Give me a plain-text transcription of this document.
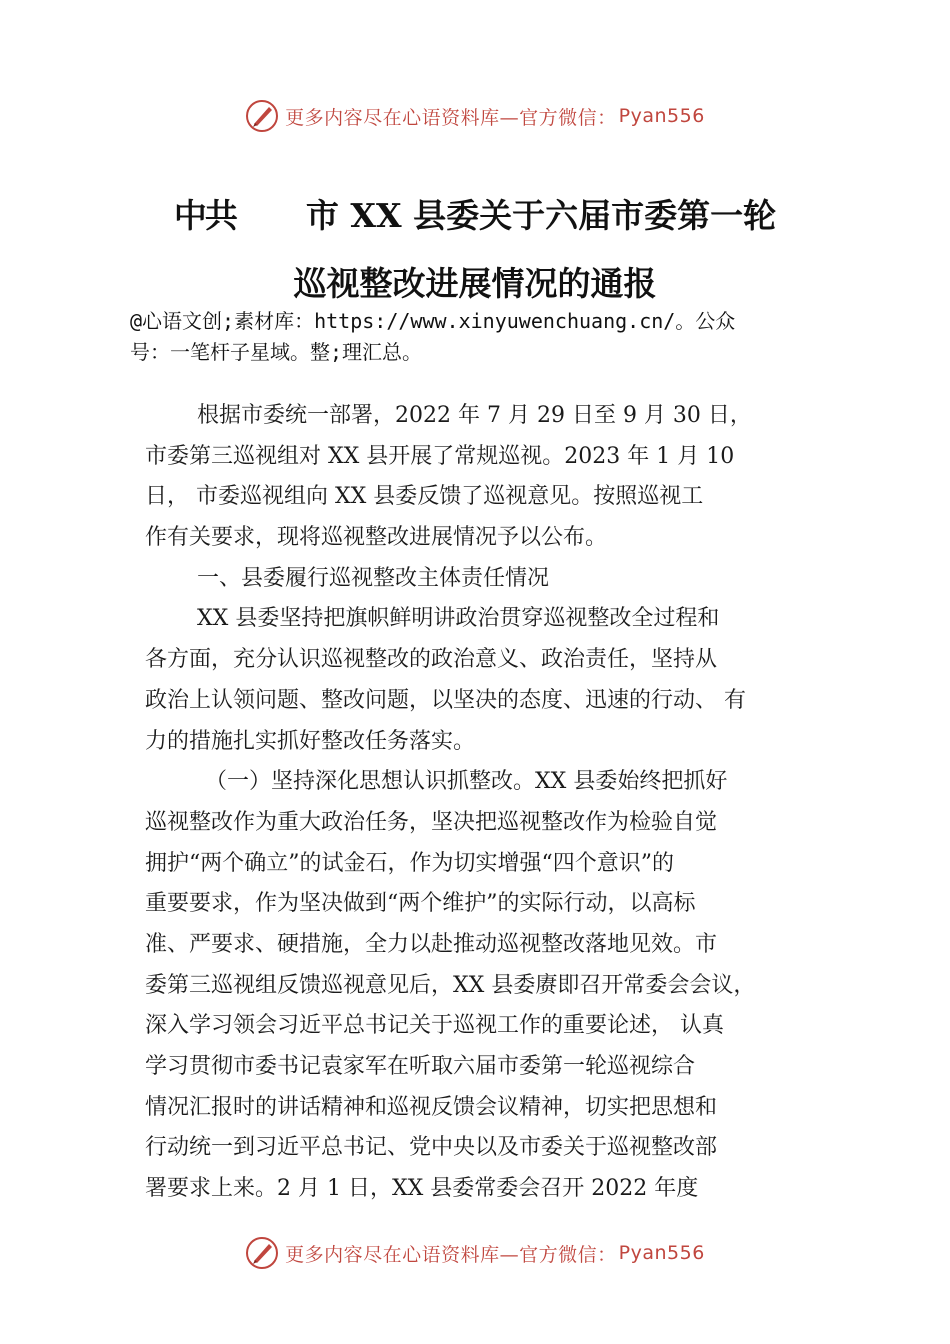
更多内容尽在心语资料库—官方微信： Pyan556
中共 市 XX 县委关于六届市委第一轮
巡视整改进展情况的通报
@心语文创;素材库：https://www.xinyuwenchuang.cn/。公众
号：一笔杆子星域。整;理汇总。
根据市委统一部署，2022 年 7 月 29 日至 9 月 30 日，
市委第三巡视组对 XX 县开展了常规巡视。2023 年 1 月 10
日， 市委巡视组向 XX 县委反馈了巡视意见。按照巡视工
作有关要求，现将巡视整改进展情况予以公布。
一、县委履行巡视整改主体责任情况
XX 县委坚持把旗帜鲜明讲政治贯穿巡视整改全过程和
各方面，充分认识巡视整改的政治意义、政治责任，坚持从
政治上认领问题、整改问题，以坚决的态度、迅速的行动、 有
力的措施扎实抓好整改任务落实。
（一）坚持深化思想认识抓整改。XX 县委始终把抓好
巡视整改作为重大政治任务，坚决把巡视整改作为检验自觉
拥护“两个确立”的试金石，作为切实增强“四个意识”的
重要要求，作为坚决做到“两个维护”的实际行动，以高标
准、严要求、硬措施，全力以赴推动巡视整改落地见效。市
委第三巡视组反馈巡视意见后，XX 县委赓即召开常委会会议，
深入学习领会习近平总书记关于巡视工作的重要论述， 认真
学习贯彻市委书记袁家军在听取六届市委第一轮巡视综合
情况汇报时的讲话精神和巡视反馈会议精神，切实把思想和
行动统一到习近平总书记、党中央以及市委关于巡视整改部
署要求上来。2 月 1 日，XX 县委常委会召开 2022 年度
更多内容尽在心语资料库—官方微信： Pyan556
